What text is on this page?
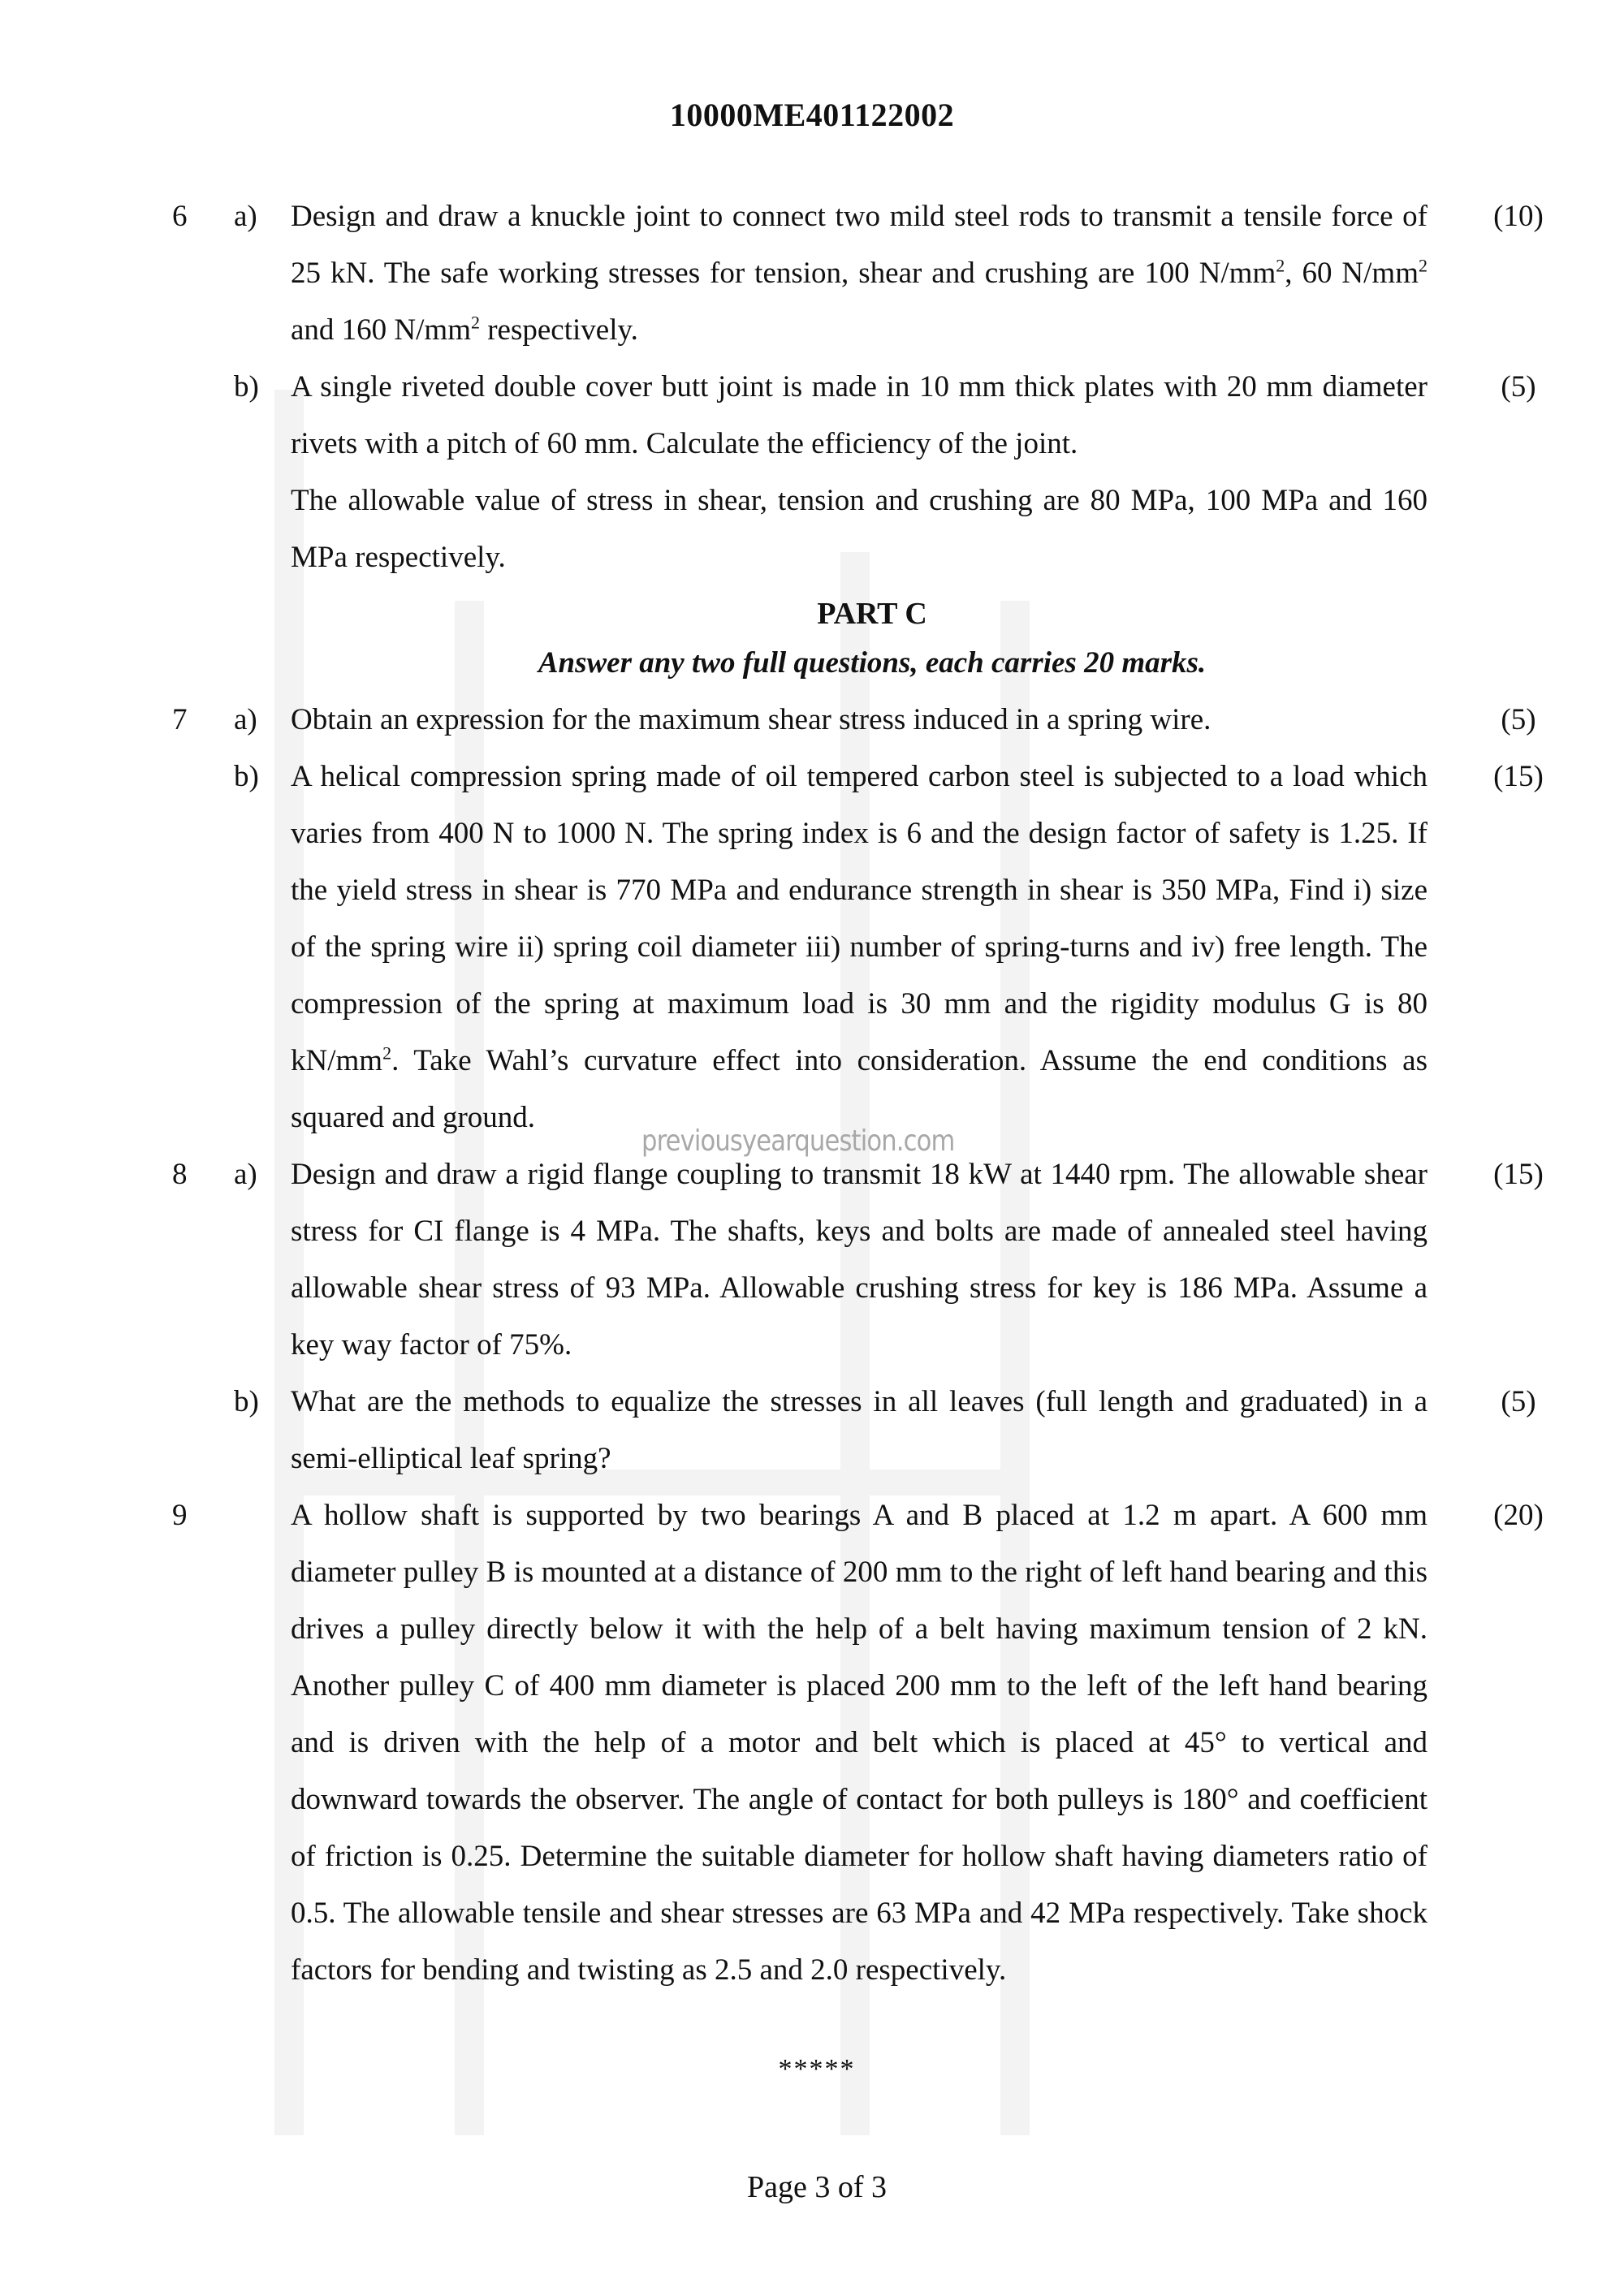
10000ME401122002
6 a) Design and draw a knuckle joint to connect two mild steel rods to transmit a tensile force of 25 kN. The safe working stresses for tension, shear and crushing are 100 $N/mm^2$, 60 $N/mm^2$ and 160 $N/mm^2$ respectively.
(10)
b) A single riveted double cover butt joint is made in 10 mm thick plates with 20 mm diameter rivets with a pitch of 60 mm. Calculate the efficiency of the joint.

The allowable value of stress in shear, tension and crushing are 80 MPa, 100 MPa and 160 MPa respectively.

(5)
PART C
Answer any two full questions, each carries 20 marks.
7 a) Obtain an expression for the maximum shear stress induced in a spring wire.	(5)
b) A helical compression spring made of oil tempered carbon steel is subjected to a load which varies from 400 N to 1000 N. The spring index is 6 and the design factor of safety is 1.25. If the yield stress in shear is 770 MPa and endurance strength in shear is 350 MPa, Find i) size of the spring wire ii) spring coil diameter iii) number of spring-turns and iv) free length. The compression of the spring at maximum load is 30 mm and the rigidity modulus G is 80 $kN/mm^2$. Take Wahl’s curvature effect into consideration. Assume the end conditions as squared and ground.
(15)
8 a) Design and draw a rigid flange coupling to transmit 18 kW at 1440 rpm. The allowable shear stress for CI flange is 4 MPa. The shafts, keys and bolts are made of annealed steel having allowable shear stress of 93 MPa. Allowable crushing stress for key is 186 MPa. Assume a key way factor of 75%.
(15)
b) What are the methods to equalize the stresses in all leaves (full length and graduated) in a semi-elliptical leaf spring?
(5)
9	A hollow shaft is supported by two bearings A and B placed at 1.2 m apart. A 600 mm diameter pulley B is mounted at a distance of 200 mm to the right of left hand bearing and this drives a pulley directly below it with the help of a belt having maximum tension of 2 kN. Another pulley C of 400 mm diameter is placed 200 mm to the left of the left hand bearing and is driven with the help of a motor and belt which is placed at 45° to vertical and downward towards the observer. The angle of contact for both pulleys is 180° and coefficient of friction is 0.25. Determine the suitable diameter for hollow shaft having diameters ratio of 0.5. The allowable tensile and shear stresses are 63 MPa and 42 MPa respectively. Take shock factors for bending and twisting as 2.5 and 2.0 respectively.
(20)
*****
previousyearquestion.com
Page 3 of 3
